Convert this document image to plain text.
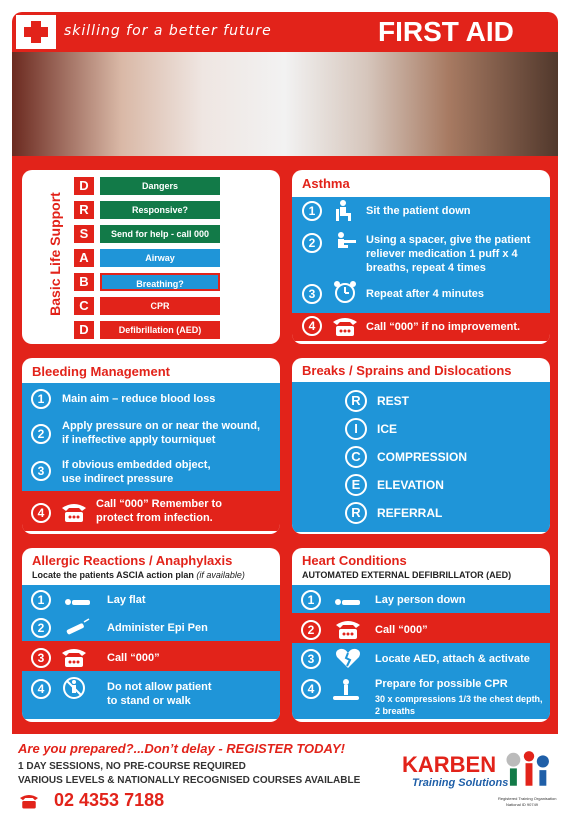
skilling for a better future	FIRST AID
Basic Life Support
D	Dangers
R	Responsive?
S	Send for help - call 000
A	Airway
B	Breathing?
C	CPR
D	Defibrillation (AED)
Asthma
1	Sit the patient down
2	Using a spacer, give the patient
reliever medication 1 puff x 4
breaths, repeat 4 times
3	Repeat after 4 minutes
4	Call “000” if no improvement.
Bleeding Management
1	Main aim – reduce blood loss
2
Apply pressure on or near the wound,
if ineffective apply tourniquet
3	If obvious embedded object,
use indirect pressure
4
Call “000” Remember to
protect from infection.
Breaks / Sprains and Dislocations
R	REST
I	ICE
C	COMPRESSION
E	ELEVATION
R	REFERRAL
Allergic Reactions / Anaphylaxis
Locate the patients ASCIA action plan (if available)
1	Lay flat
2	Administer Epi Pen
3	Call “000”
4	Do not allow patient
to stand or walk
Heart Conditions
AUTOMATED EXTERNAL DEFIBRILLATOR (AED)
1	Lay person down
2	Call “000”
3	Locate AED, attach & activate
4	Prepare for possible CPR
30 x compressions 1/3 the chest depth,
2 breaths
Are you prepared?...Don’t delay - REGISTER TODAY!
1 DAY SESSIONS, NO PRE-COURSE REQUIRED
VARIOUS LEVELS & NATIONALLY RECOGNISED COURSES AVAILABLE
02 4353 7188
KARBEN
Training Solutions
Registered Training Organisation
National ID 90749
